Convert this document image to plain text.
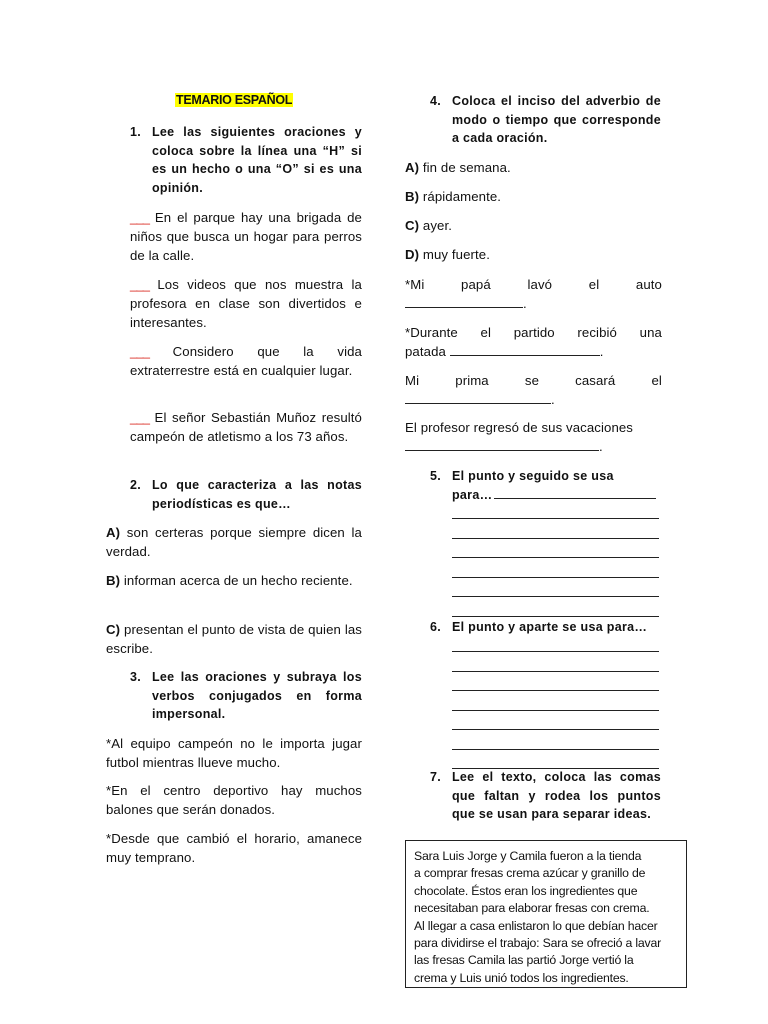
TEMARIO ESPAÑOL
1. Lee las siguientes oraciones y coloca sobre la línea una “H” si es un hecho o una “O” si es una opinión.
___ En el parque hay una brigada de niños que busca un hogar para perros de la calle.
___ Los videos que nos muestra la profesora en clase son divertidos e interesantes.
___ Considero que la vida extraterrestre está en cualquier lugar.
___ El señor Sebastián Muñoz resultó campeón de atletismo a los 73 años.
2. Lo que caracteriza a las notas periodísticas es que…
A) son certeras porque siempre dicen la verdad.
B) informan acerca de un hecho reciente.
C) presentan el punto de vista de quien las escribe.
3. Lee las oraciones y subraya los verbos conjugados en forma impersonal.
*Al equipo campeón no le importa jugar futbol mientras llueve mucho.
*En el centro deportivo hay muchos balones que serán donados.
*Desde que cambió el horario, amanece muy temprano.
4. Coloca el inciso del adverbio de modo o tiempo que corresponde a cada oración.
A) fin de semana.
B) rápidamente.
C) ayer.
D) muy fuerte.
*Mi	papá	lavó	el	auto
.
*Durante el partido recibió una
patada	.
Mi	prima	se	casará	el
.
El profesor regresó de sus vacaciones
.
5. El punto y seguido se usa
para…
6. El punto y aparte se usa para…
7. Lee el texto, coloca las comas que faltan y rodea los puntos que se usan para separar ideas.
Sara Luis Jorge y Camila fueron a la tienda
a comprar fresas crema azúcar y granillo de
chocolate. Éstos eran los ingredientes que
necesitaban para elaborar fresas con crema.
Al llegar a casa enlistaron lo que debían hacer
para dividirse el trabajo: Sara se ofreció a lavar
las fresas Camila las partió Jorge vertió la
crema y Luis unió todos los ingredientes.
